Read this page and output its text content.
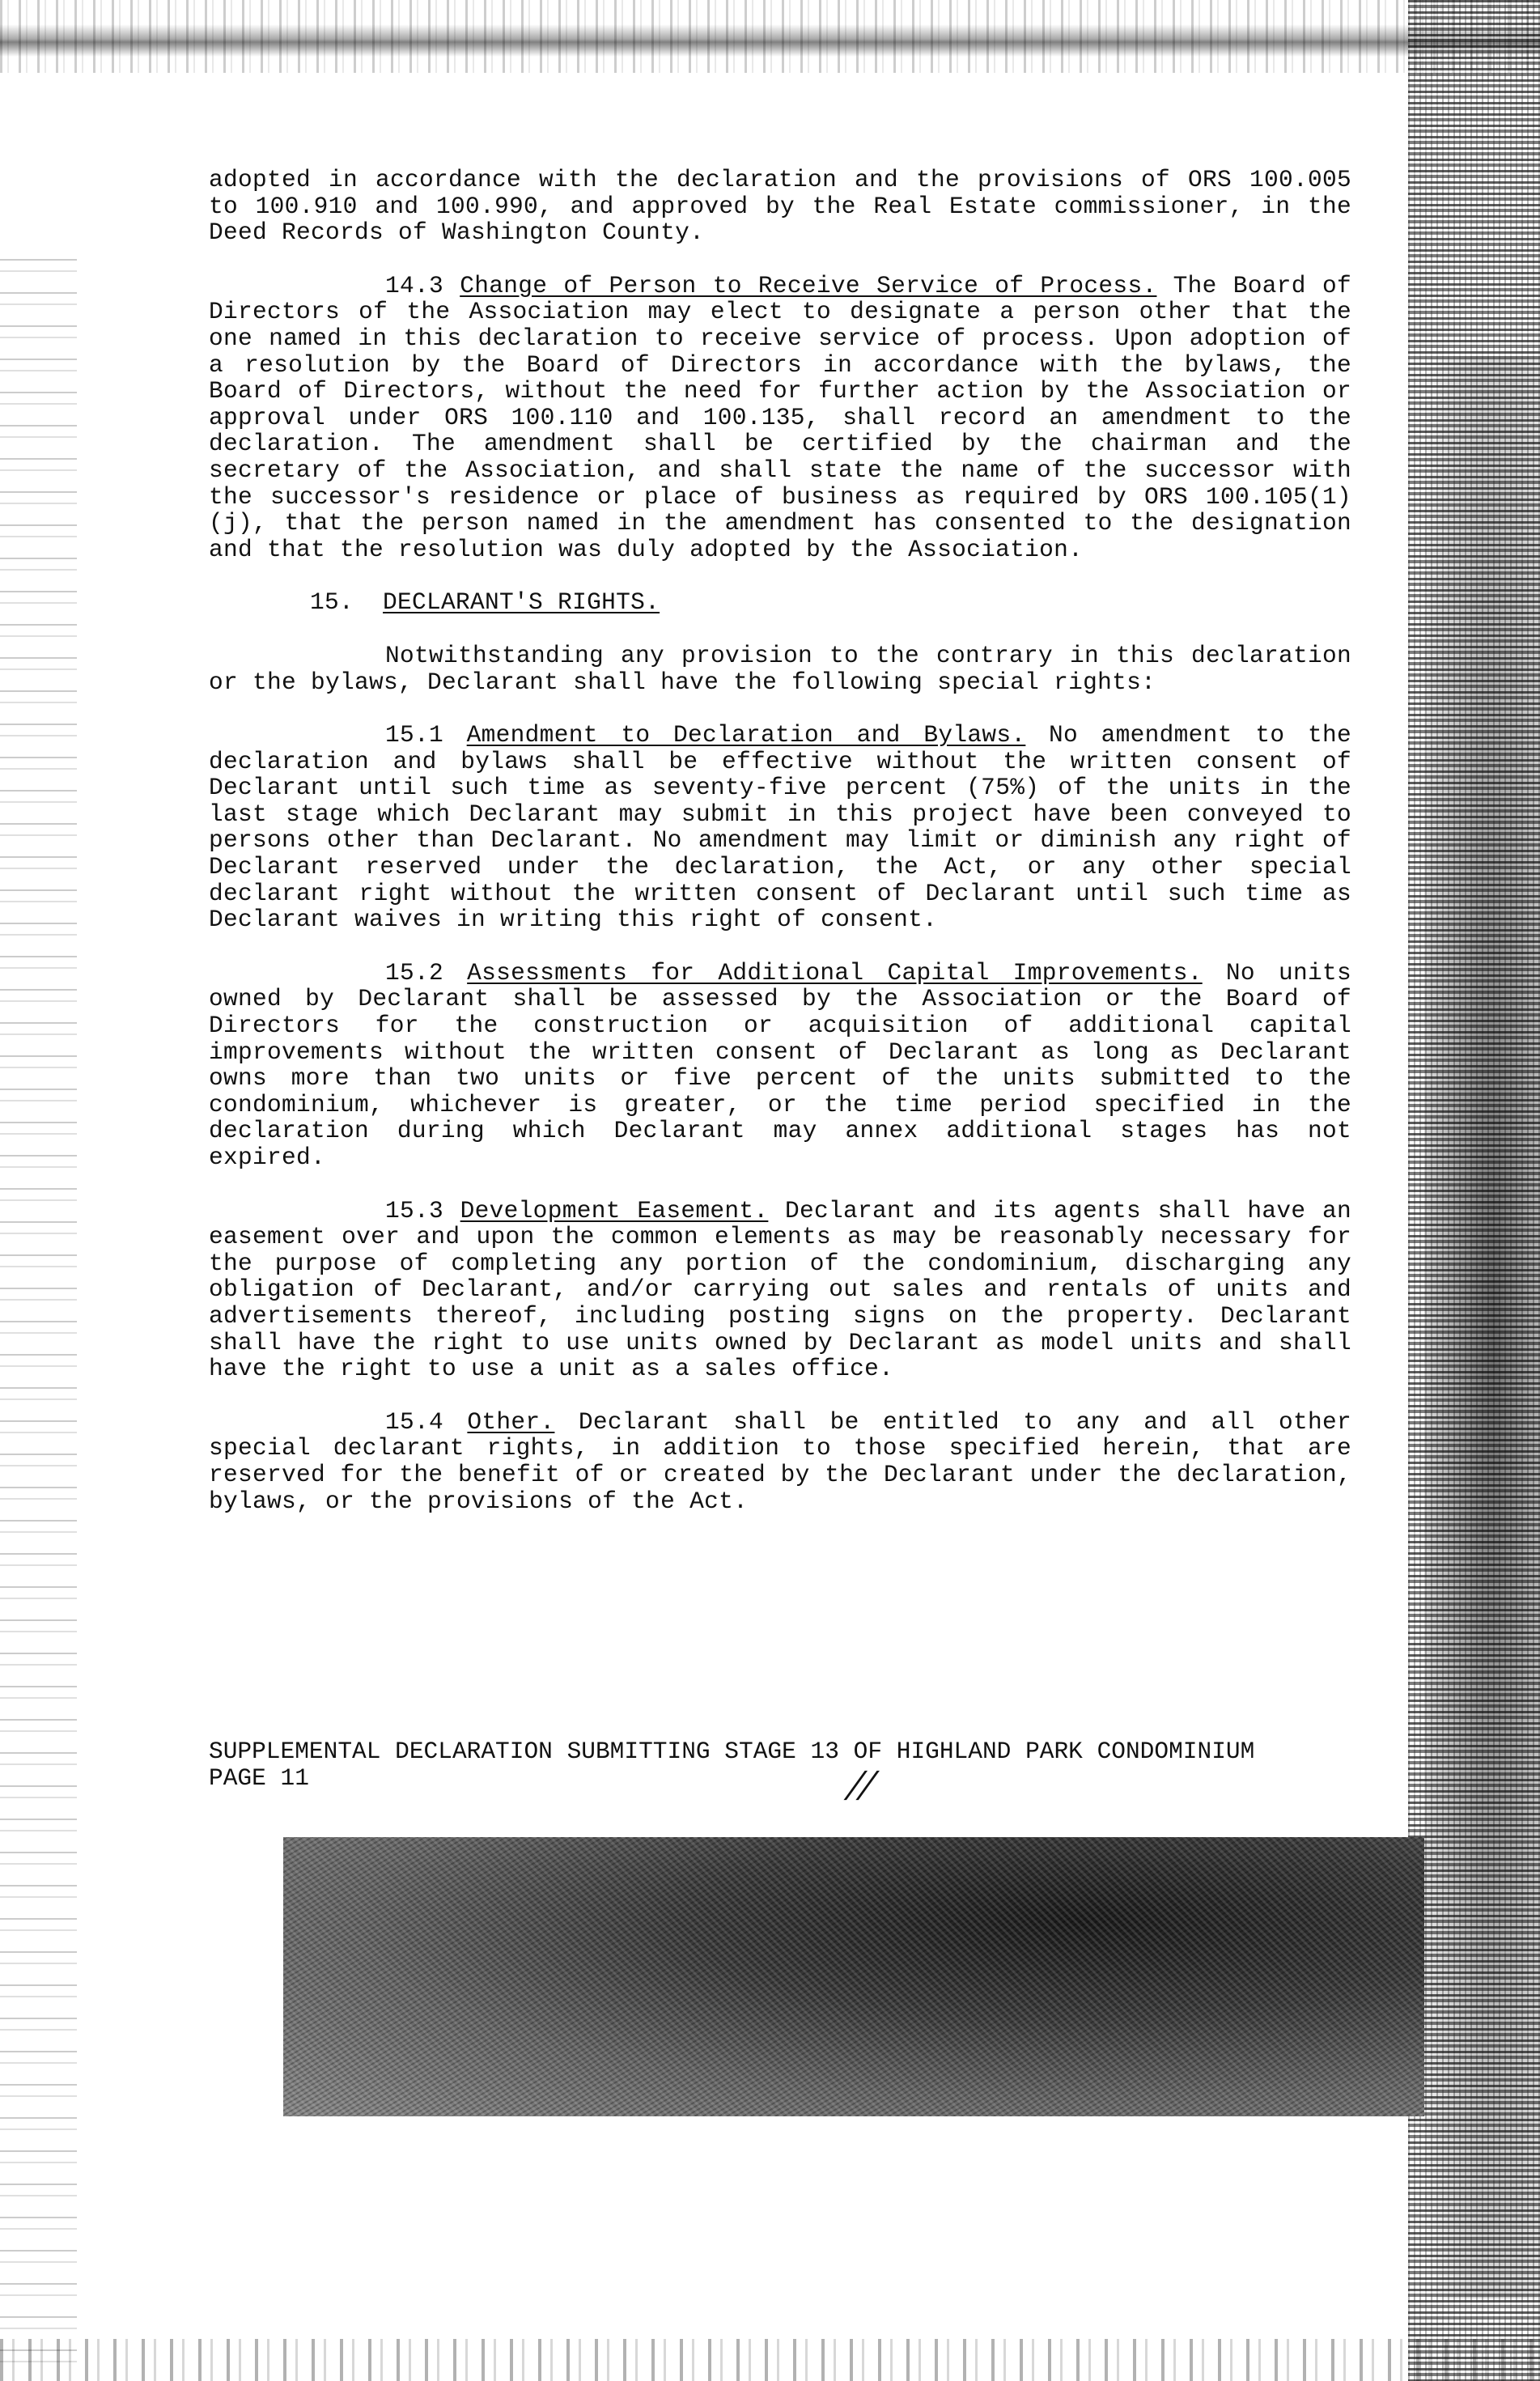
adopted in accordance with the declaration and the provisions of ORS 100.005 to 100.910 and 100.990, and approved by the Real Estate commissioner, in the Deed Records of Washington County.

14.3 Change of Person to Receive Service of Process. The Board of Directors of the Association may elect to designate a person other that the one named in this declaration to receive service of process. Upon adoption of a resolution by the Board of Directors in accordance with the bylaws, the Board of Directors, without the need for further action by the Association or approval under ORS 100.110 and 100.135, shall record an amendment to the declaration. The amendment shall be certified by the chairman and the secretary of the Association, and shall state the name of the successor with the successor's residence or place of business as required by ORS 100.105(1)(j), that the person named in the amendment has consented to the designation and that the resolution was duly adopted by the Association.

15. DECLARANT'S RIGHTS.

Notwithstanding any provision to the contrary in this declaration or the bylaws, Declarant shall have the following special rights:

15.1 Amendment to Declaration and Bylaws. No amendment to the declaration and bylaws shall be effective without the written consent of Declarant until such time as seventy-five percent (75%) of the units in the last stage which Declarant may submit in this project have been conveyed to persons other than Declarant. No amendment may limit or diminish any right of Declarant reserved under the declaration, the Act, or any other special declarant right without the written consent of Declarant until such time as Declarant waives in writing this right of consent.

15.2 Assessments for Additional Capital Improvements. No units owned by Declarant shall be assessed by the Association or the Board of Directors for the construction or acquisition of additional capital improvements without the written consent of Declarant as long as Declarant owns more than two units or five percent of the units submitted to the condominium, whichever is greater, or the time period specified in the declaration during which Declarant may annex additional stages has not expired.

15.3 Development Easement. Declarant and its agents shall have an easement over and upon the common elements as may be reasonably necessary for the purpose of completing any portion of the condominium, discharging any obligation of Declarant, and/or carrying out sales and rentals of units and advertisements thereof, including posting signs on the property. Declarant shall have the right to use units owned by Declarant as model units and shall have the right to use a unit as a sales office.

15.4 Other. Declarant shall be entitled to any and all other special declarant rights, in addition to those specified herein, that are reserved for the benefit of or created by the Declarant under the declaration, bylaws, or the provisions of the Act.

SUPPLEMENTAL DECLARATION SUBMITTING STAGE 13 OF HIGHLAND PARK CONDOMINIUM
PAGE 11	//
